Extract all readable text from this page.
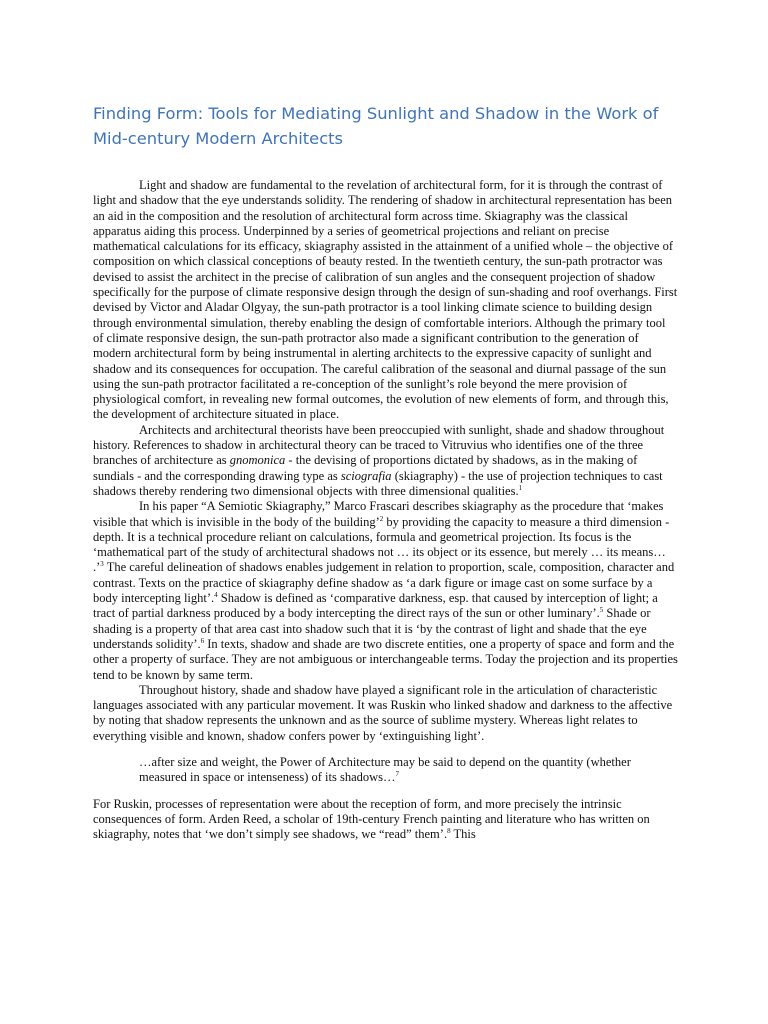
Finding Form: Tools for Mediating Sunlight and Shadow in the Work of Mid-century Modern Architects

Light and shadow are fundamental to the revelation of architectural form, for it is through the contrast of light and shadow that the eye understands solidity. The rendering of shadow in architectural representation has been an aid in the composition and the resolution of architectural form across time. Skiagraphy was the classical apparatus aiding this process. Underpinned by a series of geometrical projections and reliant on precise mathematical calculations for its efficacy, skiagraphy assisted in the attainment of a unified whole – the objective of composition on which classical conceptions of beauty rested. In the twentieth century, the sun-path protractor was devised to assist the architect in the precise of calibration of sun angles and the consequent projection of shadow specifically for the purpose of climate responsive design through the design of sun-shading and roof overhangs. First devised by Victor and Aladar Olgyay, the sun-path protractor is a tool linking climate science to building design through environmental simulation, thereby enabling the design of comfortable interiors. Although the primary tool of climate responsive design, the sun-path protractor also made a significant contribution to the generation of modern architectural form by being instrumental in alerting architects to the expressive capacity of sunlight and shadow and its consequences for occupation. The careful calibration of the seasonal and diurnal passage of the sun using the sun-path protractor facilitated a re-conception of the sunlight’s role beyond the mere provision of physiological comfort, in revealing new formal outcomes, the evolution of new elements of form, and through this, the development of architecture situated in place.

Architects and architectural theorists have been preoccupied with sunlight, shade and shadow throughout history. References to shadow in architectural theory can be traced to Vitruvius who identifies one of the three branches of architecture as gnomonica - the devising of proportions dictated by shadows, as in the making of sundials - and the corresponding drawing type as sciografia (skiagraphy) - the use of projection techniques to cast shadows thereby rendering two dimensional objects with three dimensional qualities.$^1$

In his paper “A Semiotic Skiagraphy,” Marco Frascari describes skiagraphy as the procedure that ‘makes visible that which is invisible in the body of the building’$^2$ by providing the capacity to measure a third dimension - depth. It is a technical procedure reliant on calculations, formula and geometrical projection. Its focus is the ‘mathematical part of the study of architectural shadows not … its object or its essence, but merely … its means… .’$^3$ The careful delineation of shadows enables judgement in relation to proportion, scale, composition, character and contrast. Texts on the practice of skiagraphy define shadow as ‘a dark figure or image cast on some surface by a body intercepting light’.$^4$ Shadow is defined as ‘comparative darkness, esp. that caused by interception of light; a tract of partial darkness produced by a body intercepting the direct rays of the sun or other luminary’.$^5$ Shade or shading is a property of that area cast into shadow such that it is ‘by the contrast of light and shade that the eye understands solidity’.$^6$ In texts, shadow and shade are two discrete entities, one a property of space and form and the other a property of surface. They are not ambiguous or interchangeable terms. Today the projection and its properties tend to be known by same term.

Throughout history, shade and shadow have played a significant role in the articulation of characteristic languages associated with any particular movement. It was Ruskin who linked shadow and darkness to the affective by noting that shadow represents the unknown and as the source of sublime mystery. Whereas light relates to everything visible and known, shadow confers power by ‘extinguishing light’.

…after size and weight, the Power of Architecture may be said to depend on the quantity (whether measured in space or intenseness) of its shadows…$^7$

For Ruskin, processes of representation were about the reception of form, and more precisely the intrinsic consequences of form. Arden Reed, a scholar of 19th-century French painting and literature who has written on skiagraphy, notes that ‘we don’t simply see shadows, we “read” them’.$^8$ This
